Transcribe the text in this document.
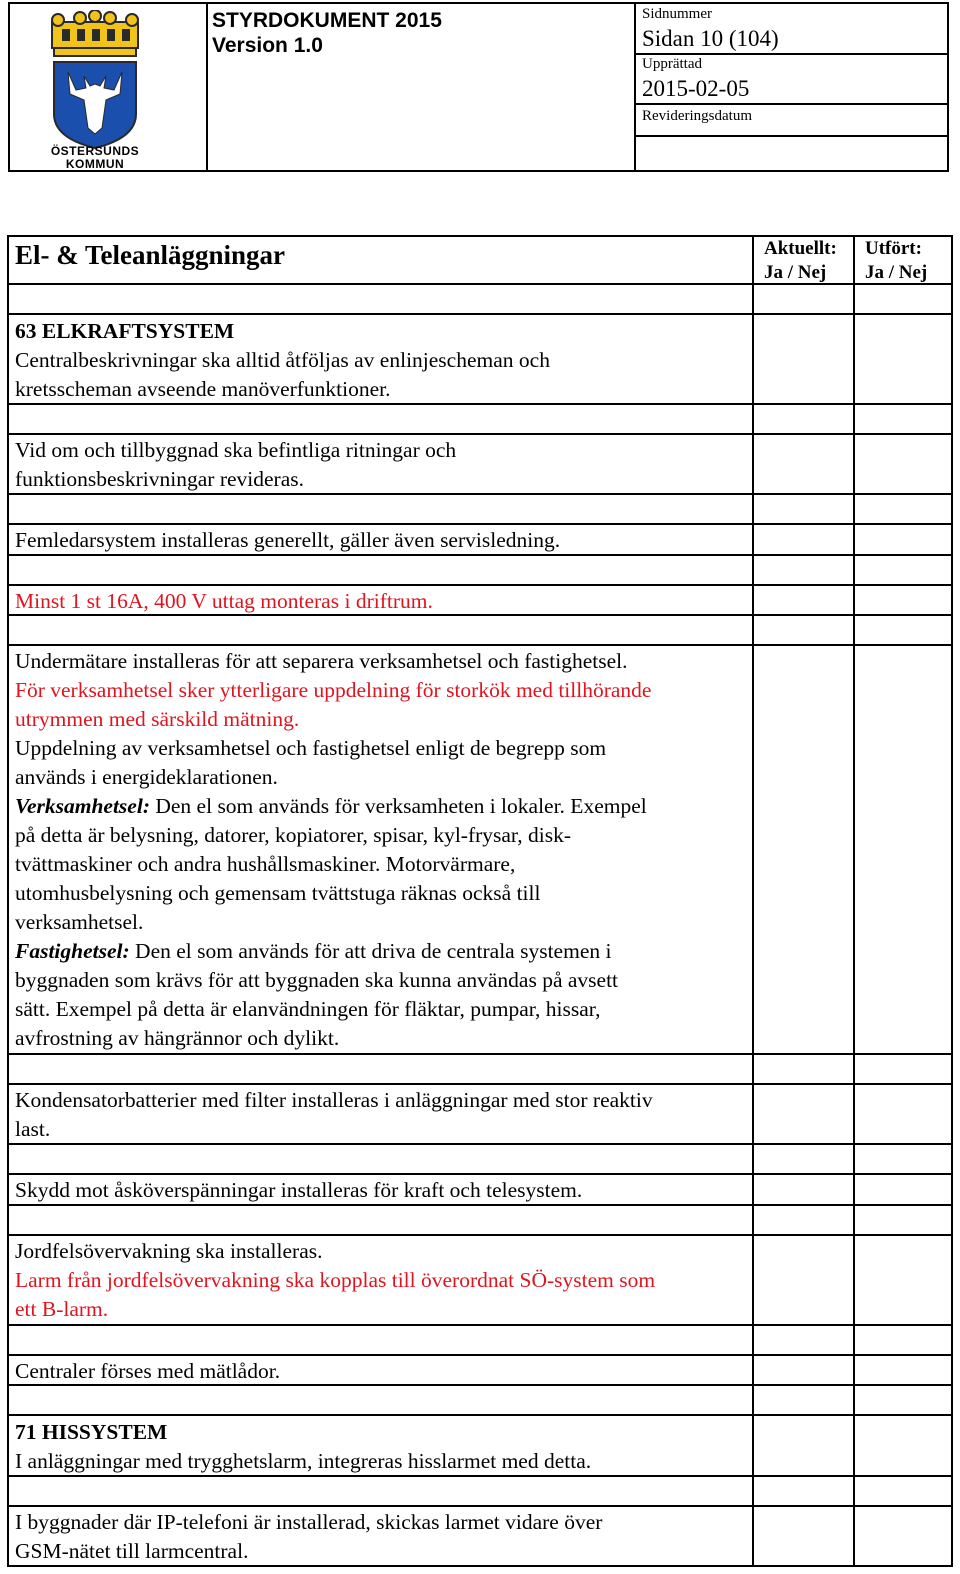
ÖSTERSUNDS
KOMMUN
STYRDOKUMENT 2015
Version 1.0
Sidnummer
Sidan 10 (104)
Upprättad
2015-02-05
Revideringsdatum
El- & Teleanläggningar	Aktuellt:
Ja / Nej
Utfört:
Ja / Nej
63 ELKRAFTSYSTEM
Centralbeskrivningar ska alltid åtföljas av enlinjescheman och
kretsscheman avseende manöverfunktioner.
Vid om och tillbyggnad ska befintliga ritningar och
funktionsbeskrivningar revideras.
Femledarsystem installeras generellt, gäller även servisledning.
Minst 1 st 16A, 400 V uttag monteras i driftrum.
Undermätare installeras för att separera verksamhetsel och fastighetsel.
För verksamhetsel sker ytterligare uppdelning för storkök med tillhörande
utrymmen med särskild mätning.
Uppdelning av verksamhetsel och fastighetsel enligt de begrepp som
används i energideklarationen.
Verksamhetsel: Den el som används för verksamheten i lokaler. Exempel
på detta är belysning, datorer, kopiatorer, spisar, kyl-frysar, disk-
tvättmaskiner och andra hushållsmaskiner. Motorvärmare,
utomhusbelysning och gemensam tvättstuga räknas också till
verksamhetsel.
Fastighetsel: Den el som används för att driva de centrala systemen i
byggnaden som krävs för att byggnaden ska kunna användas på avsett
sätt. Exempel på detta är elanvändningen för fläktar, pumpar, hissar,
avfrostning av hängrännor och dylikt.
Kondensatorbatterier med filter installeras i anläggningar med stor reaktiv
last.
Skydd mot åsköverspänningar installeras för kraft och telesystem.
Jordfelsövervakning ska installeras.
Larm från jordfelsövervakning ska kopplas till överordnat SÖ-system som
ett B-larm.
Centraler förses med mätlådor.
71 HISSYSTEM
I anläggningar med trygghetslarm, integreras hisslarmet med detta.
I byggnader där IP-telefoni är installerad, skickas larmet vidare över
GSM-nätet till larmcentral.
